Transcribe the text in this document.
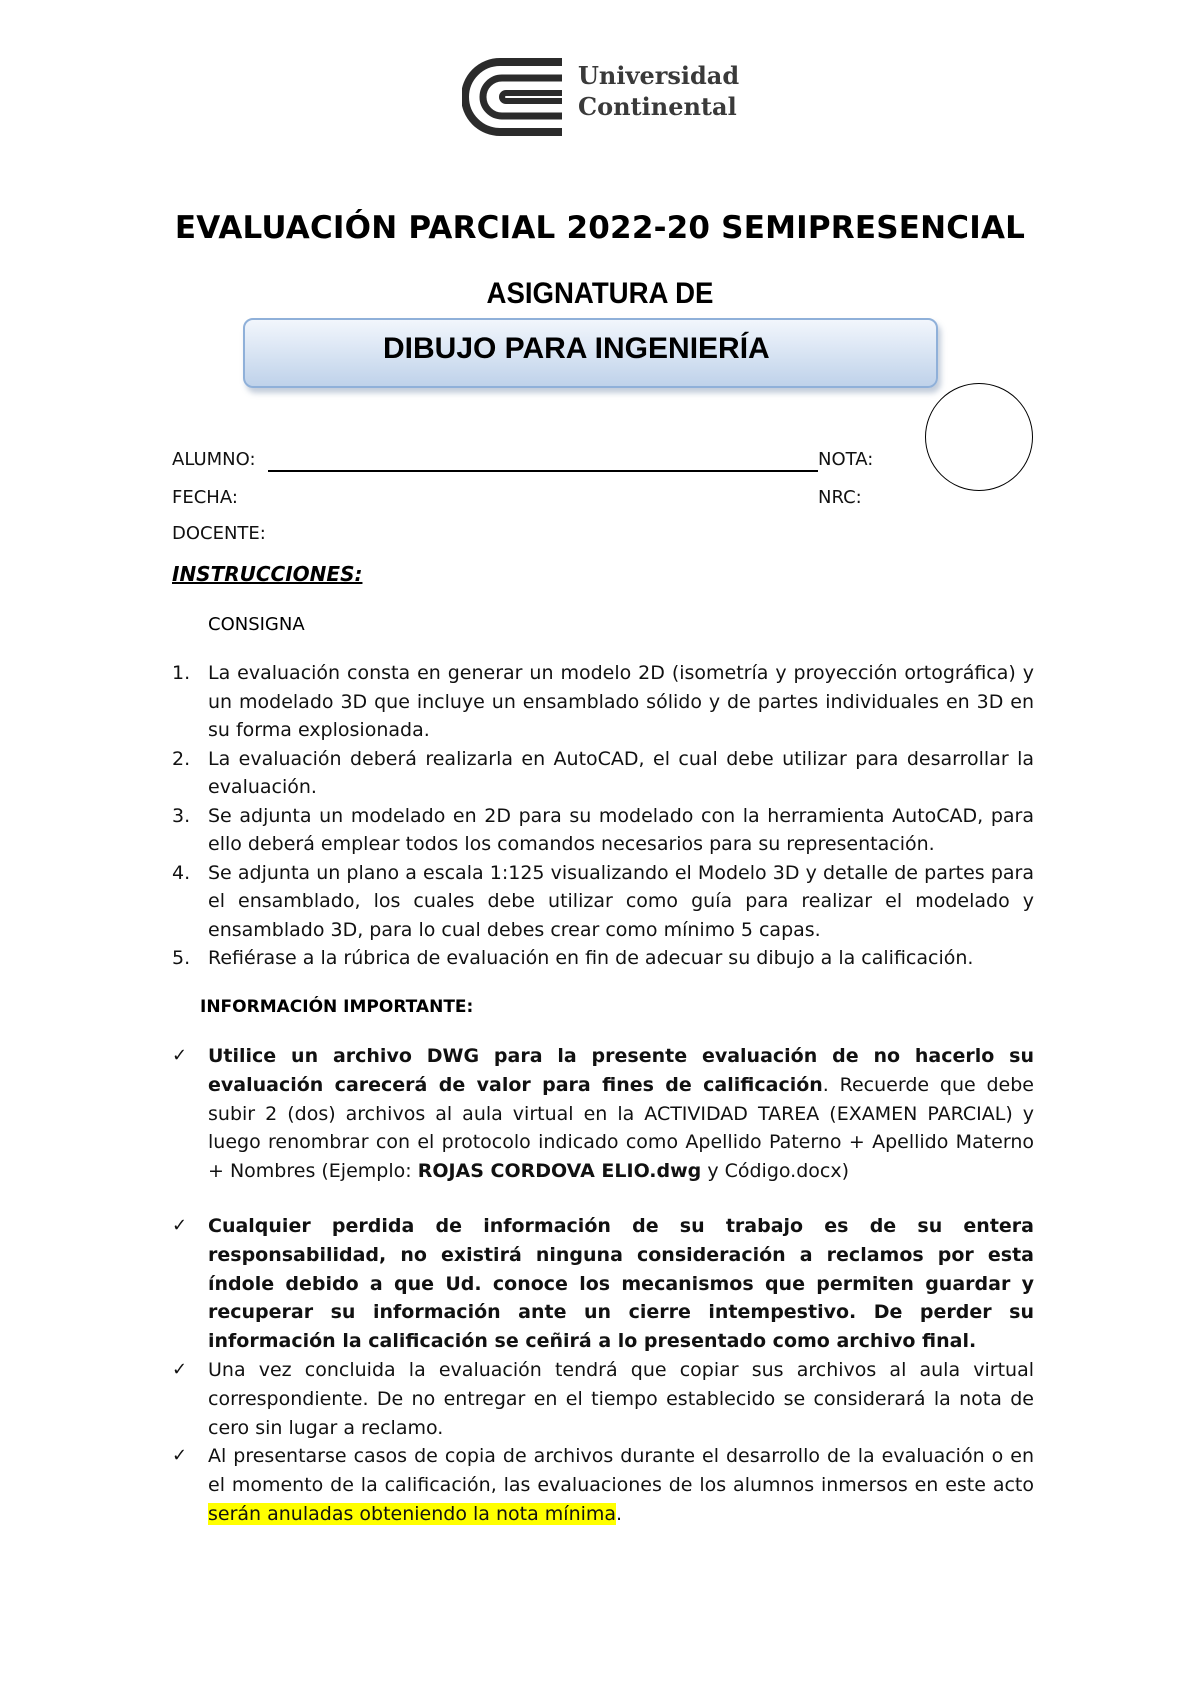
Universidad
Continental
EVALUACIÓN PARCIAL 2022-20 SEMIPRESENCIAL
ASIGNATURA DE
DIBUJO PARA INGENIERÍA
ALUMNO:	NOTA:
FECHA:	NRC:
DOCENTE:
INSTRUCCIONES:
CONSIGNA
1. La evaluación consta en generar un modelo 2D (isometría y proyección ortográfica) y un modelado 3D que incluye un ensamblado sólido y de partes individuales en 3D en su forma explosionada.
2. La evaluación deberá realizarla en AutoCAD, el cual debe utilizar para desarrollar la evaluación.
3. Se adjunta un modelado en 2D para su modelado con la herramienta AutoCAD, para ello deberá emplear todos los comandos necesarios para su representación.
4. Se adjunta un plano a escala 1:125 visualizando el Modelo 3D y detalle de partes para el ensamblado, los cuales debe utilizar como guía para realizar el modelado y ensamblado 3D, para lo cual debes crear como mínimo 5 capas.
5. Refiérase a la rúbrica de evaluación en fin de adecuar su dibujo a la calificación.
INFORMACIÓN IMPORTANTE:
✓	Utilice un archivo DWG para la presente evaluación de no hacerlo su evaluación carecerá de valor para fines de calificación. Recuerde que debe subir 2 (dos) archivos al aula virtual en la ACTIVIDAD TAREA (EXAMEN PARCIAL) y luego renombrar con el protocolo indicado como Apellido Paterno + Apellido Materno + Nombres (Ejemplo: ROJAS CORDOVA ELIO.dwg y Código.docx)
✓	Cualquier perdida de información de su trabajo es de su entera responsabilidad, no existirá ninguna consideración a reclamos por esta índole debido a que Ud. conoce los mecanismos que permiten guardar y recuperar su información ante un cierre intempestivo. De perder su información la calificación se ceñirá a lo presentado como archivo final.
✓	Una vez concluida la evaluación tendrá que copiar sus archivos al aula virtual correspondiente. De no entregar en el tiempo establecido se considerará la nota de cero sin lugar a reclamo.
✓	Al presentarse casos de copia de archivos durante el desarrollo de la evaluación o en el momento de la calificación, las evaluaciones de los alumnos inmersos en este acto serán anuladas obteniendo la nota mínima.
